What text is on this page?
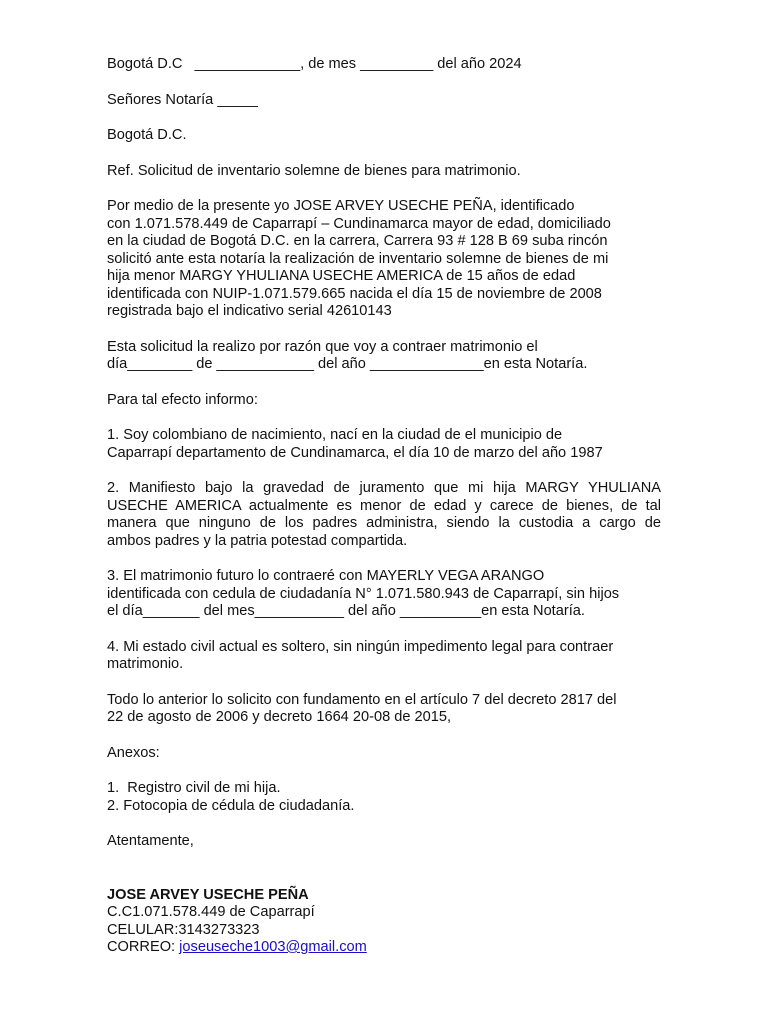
Bogotá D.C   _____________, de mes _________ del año 2024
Señores Notaría _____
Bogotá D.C.
Ref. Solicitud de inventario solemne de bienes para matrimonio.
Por medio de la presente yo JOSE ARVEY USECHE PEÑA, identificado
con 1.071.578.449 de Caparrapí – Cundinamarca mayor de edad, domiciliado
en la ciudad de Bogotá D.C. en la carrera, Carrera 93 # 128 B 69 suba rincón
solicitó ante esta notaría la realización de inventario solemne de bienes de mi
hija menor MARGY YHULIANA USECHE AMERICA de 15 años de edad
identificada con NUIP-1.071.579.665 nacida el día 15 de noviembre de 2008
registrada bajo el indicativo serial 42610143
Esta solicitud la realizo por razón que voy a contraer matrimonio el
día________ de ____________ del año ______________en esta Notaría.
Para tal efecto informo:
1. Soy colombiano de nacimiento, nací en la ciudad de el municipio de
Caparrapí departamento de Cundinamarca, el día 10 de marzo del año 1987
2. Manifiesto bajo la gravedad de juramento que mi hija MARGY YHULIANA
USECHE AMERICA actualmente es menor de edad y carece de bienes, de tal
manera que ninguno de los padres administra, siendo la custodia a cargo de
ambos padres y la patria potestad compartida.
3. El matrimonio futuro lo contraeré con MAYERLY VEGA ARANGO
identificada con cedula de ciudadanía N° 1.071.580.943 de Caparrapí, sin hijos
el día_______ del mes___________ del año __________en esta Notaría.
4. Mi estado civil actual es soltero, sin ningún impedimento legal para contraer
matrimonio.
Todo lo anterior lo solicito con fundamento en el artículo 7 del decreto 2817 del
22 de agosto de 2006 y decreto 1664 20-08 de 2015,
Anexos:
1.  Registro civil de mi hija.
2. Fotocopia de cédula de ciudadanía.
Atentamente,
JOSE ARVEY USECHE PEÑA
C.C1.071.578.449 de Caparrapí
CELULAR:3143273323
CORREO: joseuseche1003@gmail.com
